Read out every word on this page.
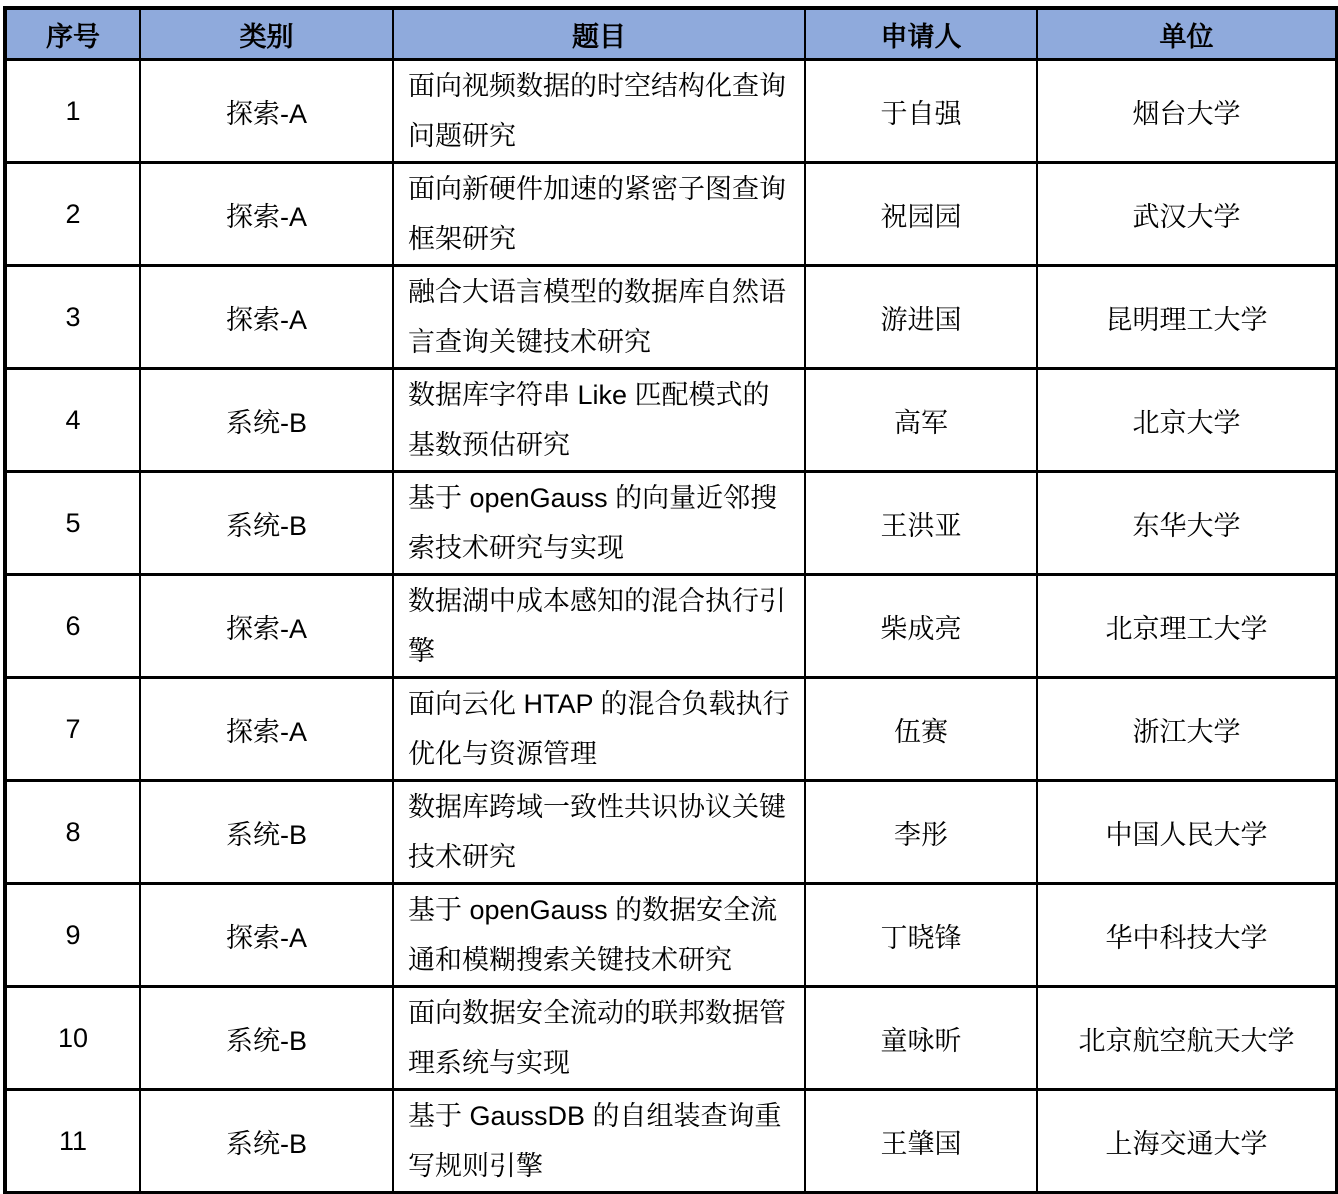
序号	类别	题目	申请人	单位
1	探索-A	面向视频数据的时空结构化查询问题研究	于自强	烟台大学
2	探索-A	面向新硬件加速的紧密子图查询框架研究	祝园园	武汉大学
3	探索-A	融合大语言模型的数据库自然语言查询关键技术研究	游进国	昆明理工大学
4	系统-B	数据库字符串 Like 匹配模式的基数预估研究	高军	北京大学
5	系统-B	基于 openGauss 的向量近邻搜索技术研究与实现	王洪亚	东华大学
6	探索-A	数据湖中成本感知的混合执行引擎	柴成亮	北京理工大学
7	探索-A	面向云化 HTAP 的混合负载执行优化与资源管理	伍赛	浙江大学
8	系统-B	数据库跨域一致性共识协议关键技术研究	李彤	中国人民大学
9	探索-A	基于 openGauss 的数据安全流通和模糊搜索关键技术研究	丁晓锋	华中科技大学
10	系统-B	面向数据安全流动的联邦数据管理系统与实现	童咏昕	北京航空航天大学
11	系统-B	基于 GaussDB 的自组装查询重写规则引擎	王肇国	上海交通大学
